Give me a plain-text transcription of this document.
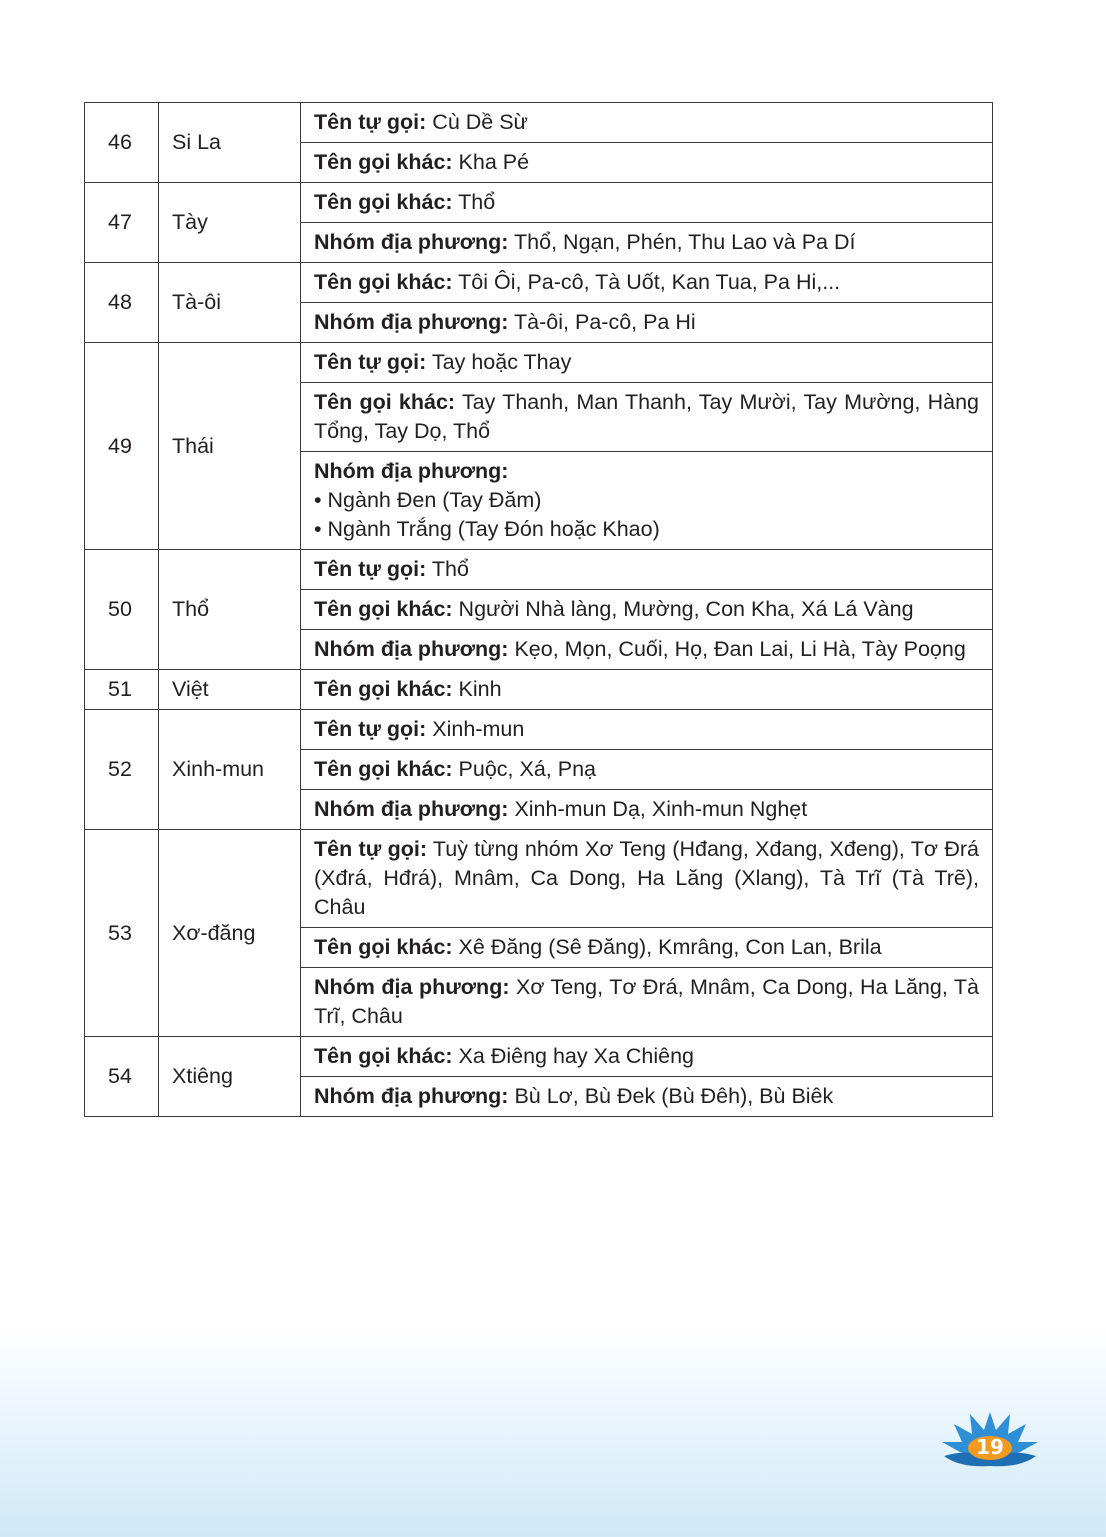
46	Si La	Tên tự gọi: Cù Dề Sừ
		Tên gọi khác: Kha Pé
47	Tày	Tên gọi khác: Thổ
		Nhóm địa phương: Thổ, Ngạn, Phén, Thu Lao và Pa Dí
48	Tà-ôi	Tên gọi khác: Tôi Ôi, Pa-cô, Tà Uốt, Kan Tua, Pa Hi,...
		Nhóm địa phương: Tà-ôi, Pa-cô, Pa Hi
49	Thái	Tên tự gọi: Tay hoặc Thay
		Tên gọi khác: Tay Thanh, Man Thanh, Tay Mười, Tay Mường, Hàng Tổng, Tay Dọ, Thổ
		Nhóm địa phương:
• Ngành Đen (Tay Đăm)
• Ngành Trắng (Tay Đón hoặc Khao)

50	Thổ	Tên tự gọi: Thổ
		Tên gọi khác: Người Nhà làng, Mường, Con Kha, Xá Lá Vàng
		Nhóm địa phương: Kẹo, Mọn, Cuối, Họ, Đan Lai, Li Hà, Tày Poọng
51	Việt	Tên gọi khác: Kinh
52	Xinh-mun	Tên tự gọi: Xinh-mun
		Tên gọi khác: Puộc, Xá, Pnạ
		Nhóm địa phương: Xinh-mun Dạ, Xinh-mun Nghẹt
53	Xơ-đăng	Tên tự gọi: Tuỳ từng nhóm Xơ Teng (Hđang, Xđang, Xđeng), Tơ Đrá (Xđrá, Hđrá), Mnâm, Ca Dong, Ha Lăng (Xlang), Tà Trĩ (Tà Trẽ), Châu
		Tên gọi khác: Xê Đăng (Sê Đăng), Kmrâng, Con Lan, Brila
		Nhóm địa phương: Xơ Teng, Tơ Đrá, Mnâm, Ca Dong, Ha Lăng, Tà Trĩ, Châu
54	Xtiêng	Tên gọi khác: Xa Điêng hay Xa Chiêng
		Nhóm địa phương: Bù Lơ, Bù Đek (Bù Đêh), Bù Biêk
19
